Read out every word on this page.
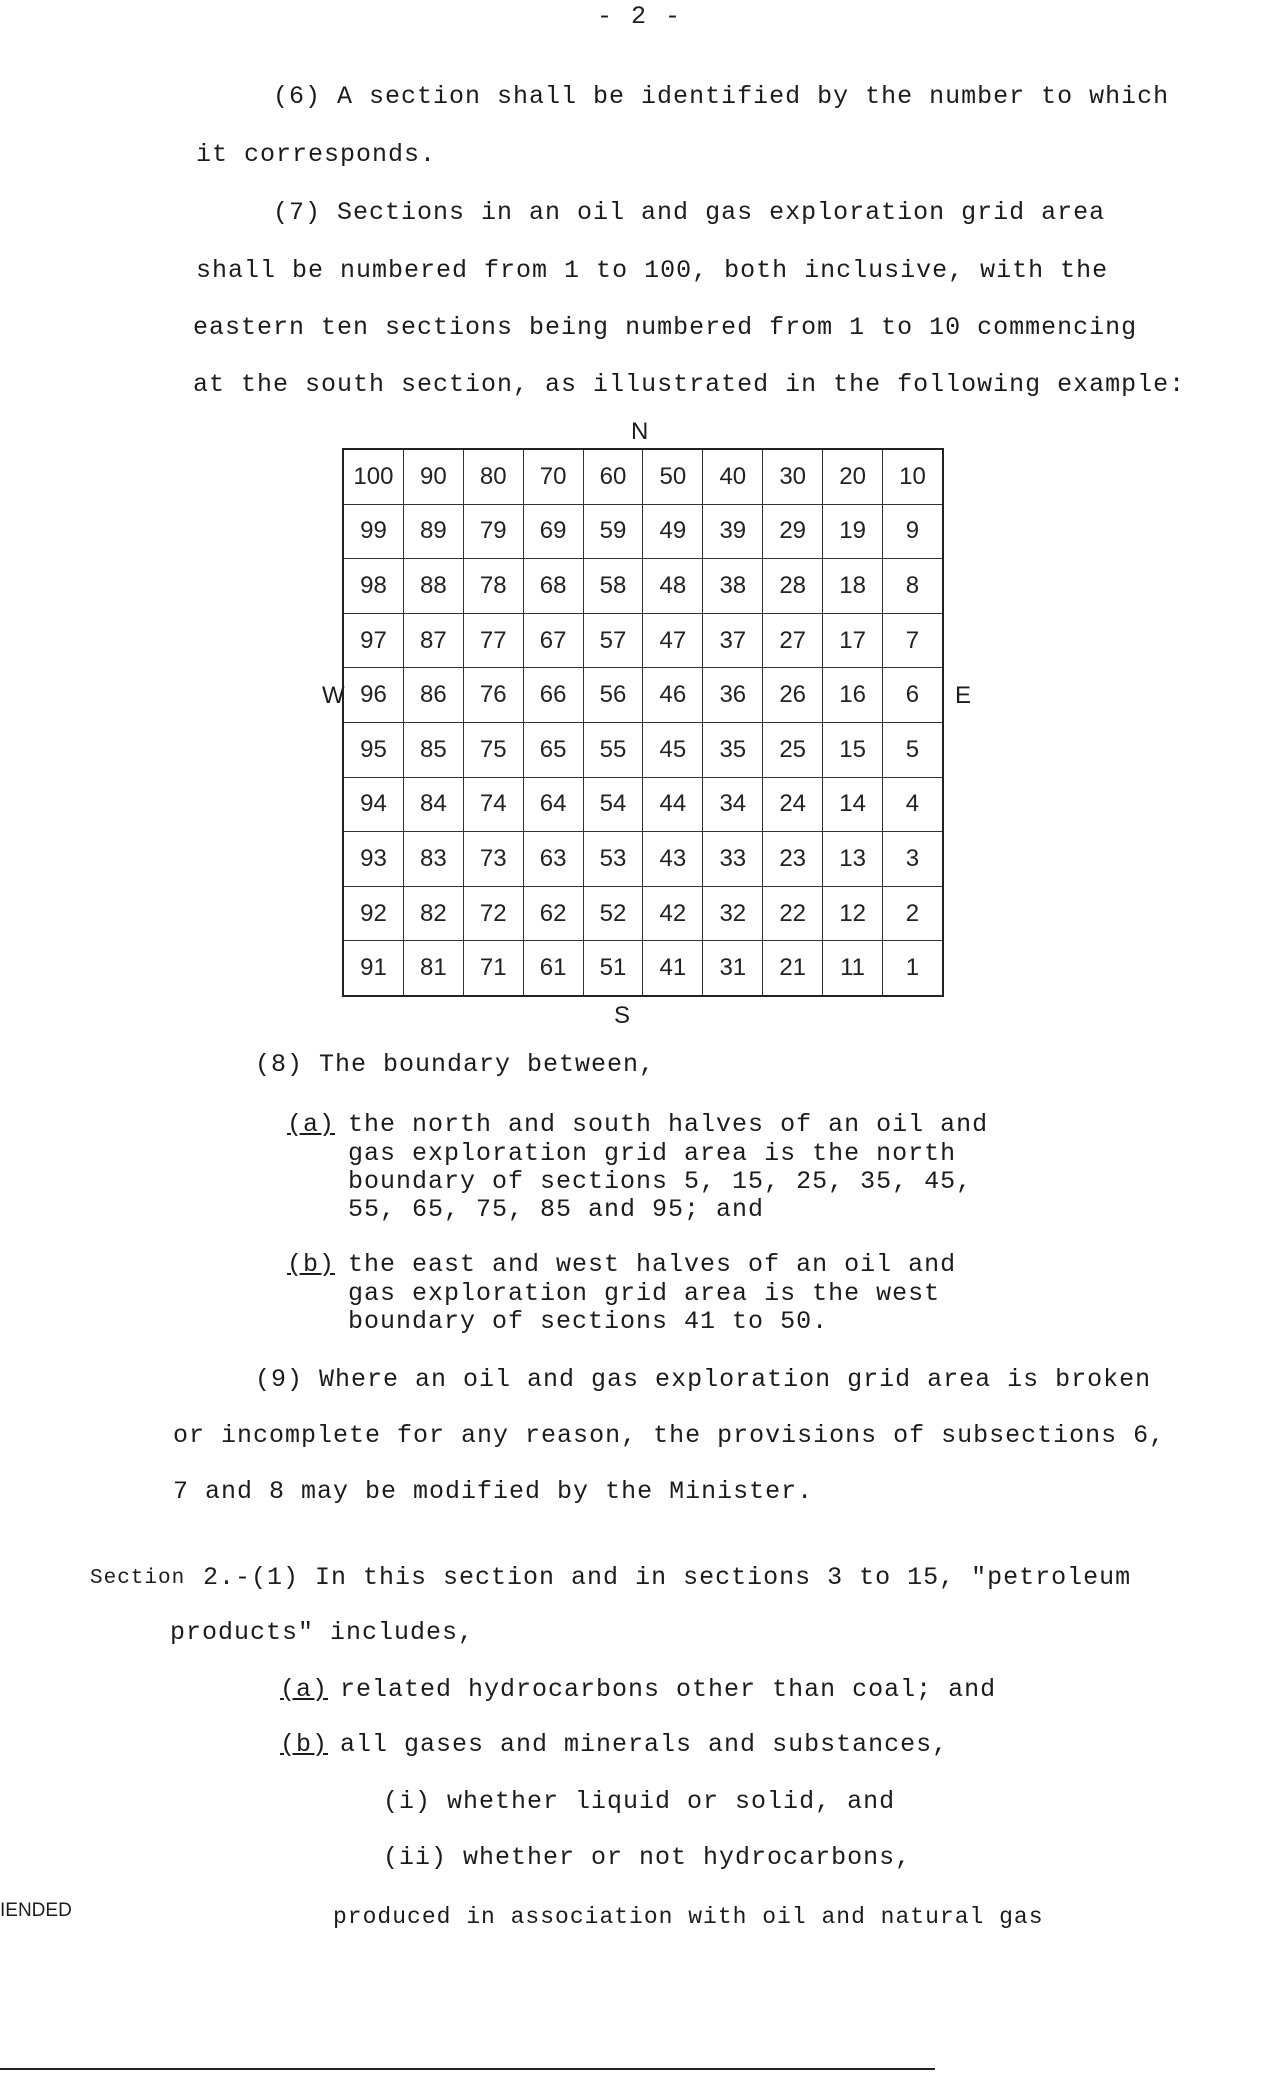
- 2 -
(6) A section shall be identified by the number to which
it corresponds.
(7) Sections in an oil and gas exploration grid area
shall be numbered from 1 to 100, both inclusive, with the
eastern ten sections being numbered from 1 to 10 commencing
at the south section, as illustrated in the following example:
N
W	E
S
100	90	80	70	60	50	40	30	20	10
99	89	79	69	59	49	39	29	19	9
98	88	78	68	58	48	38	28	18	8
97	87	77	67	57	47	37	27	17	7
96	86	76	66	56	46	36	26	16	6
95	85	75	65	55	45	35	25	15	5
94	84	74	64	54	44	34	24	14	4
93	83	73	63	53	43	33	23	13	3
92	82	72	62	52	42	32	22	12	2
91	81	71	61	51	41	31	21	11	1
(8) The boundary between,
(a) the north and south halves of an oil and
gas exploration grid area is the north
boundary of sections 5, 15, 25, 35, 45,
55, 65, 75, 85 and 95; and
(b) the east and west halves of an oil and
gas exploration grid area is the west
boundary of sections 41 to 50.
(9) Where an oil and gas exploration grid area is broken
or incomplete for any reason, the provisions of subsections 6,
7 and 8 may be modified by the Minister.
Section 2.-(1) In this section and in sections 3 to 15, "petroleum
products" includes,
(a) related hydrocarbons other than coal; and
(b) all gases and minerals and substances,
(i) whether liquid or solid, and
(ii) whether or not hydrocarbons,
produced in association with oil and natural gas
IENDED
